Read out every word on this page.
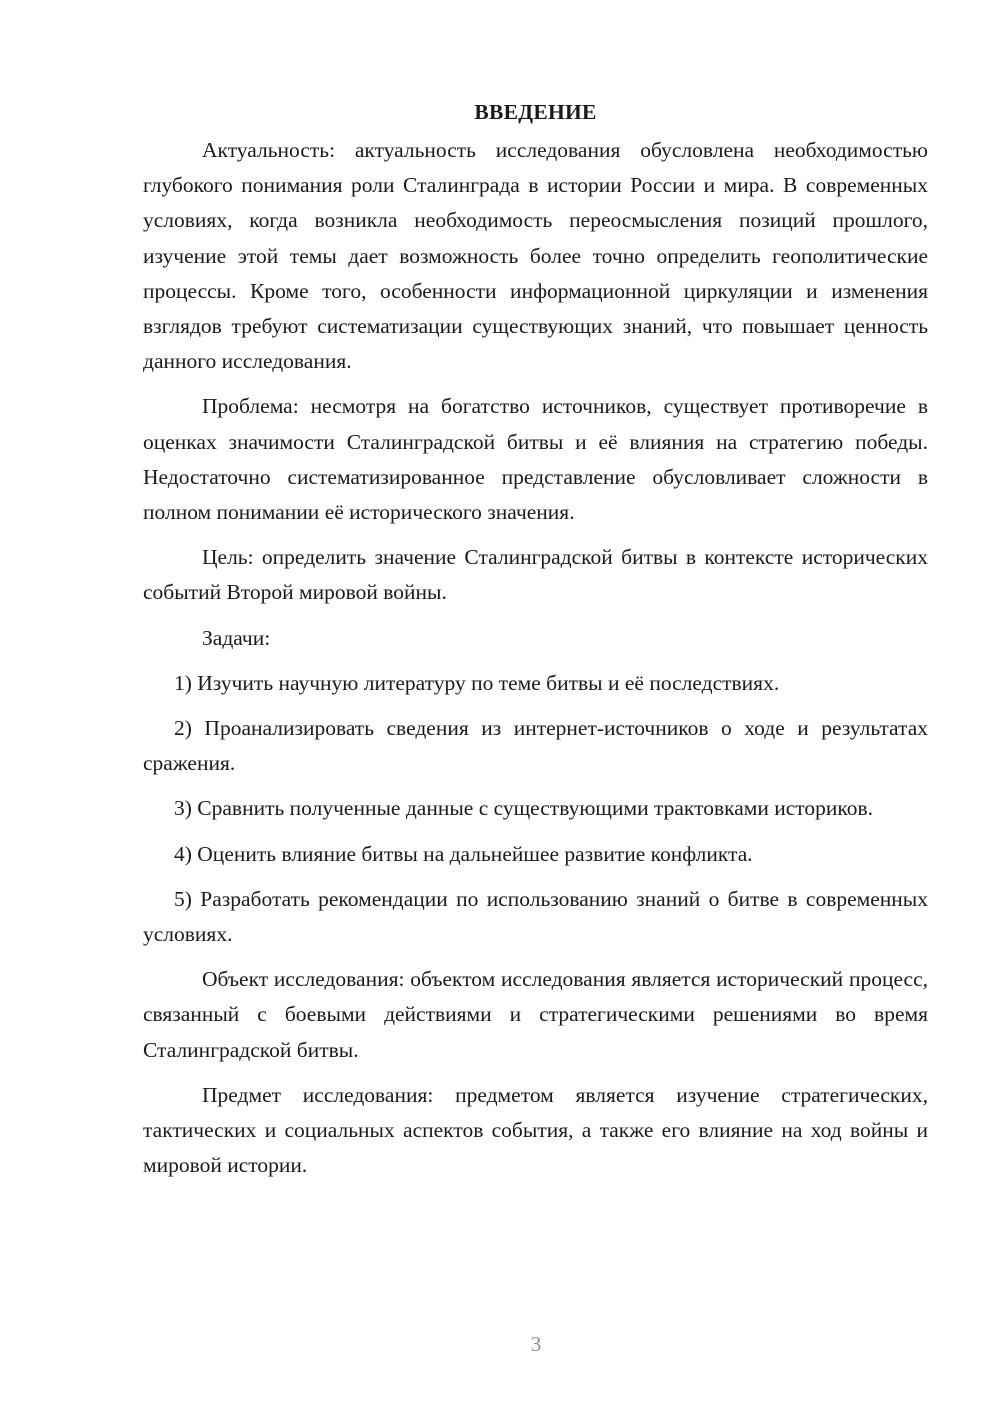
ВВЕДЕНИЕ

Актуальность: актуальность исследования обусловлена необходимостью глубокого понимания роли Сталинграда в истории России и мира. В современных условиях, когда возникла необходимость переосмысления позиций прошлого, изучение этой темы дает возможность более точно определить геополитические процессы. Кроме того, особенности информационной циркуляции и изменения взглядов требуют систематизации существующих знаний, что повышает ценность данного исследования.

Проблема: несмотря на богатство источников, существует противоречие в оценках значимости Сталинградской битвы и её влияния на стратегию победы. Недостаточно систематизированное представление обусловливает сложности в полном понимании её исторического значения.

Цель: определить значение Сталинградской битвы в контексте исторических событий Второй мировой войны.

Задачи:

1) Изучить научную литературу по теме битвы и её последствиях.

2) Проанализировать сведения из интернет-источников о ходе и результатах сражения.

3) Сравнить полученные данные с существующими трактовками историков.

4) Оценить влияние битвы на дальнейшее развитие конфликта.

5) Разработать рекомендации по использованию знаний о битве в современных условиях.

Объект исследования: объектом исследования является исторический процесс, связанный с боевыми действиями и стратегическими решениями во время Сталинградской битвы.

Предмет исследования: предметом является изучение стратегических, тактических и социальных аспектов события, а также его влияние на ход войны и мировой истории.

3
